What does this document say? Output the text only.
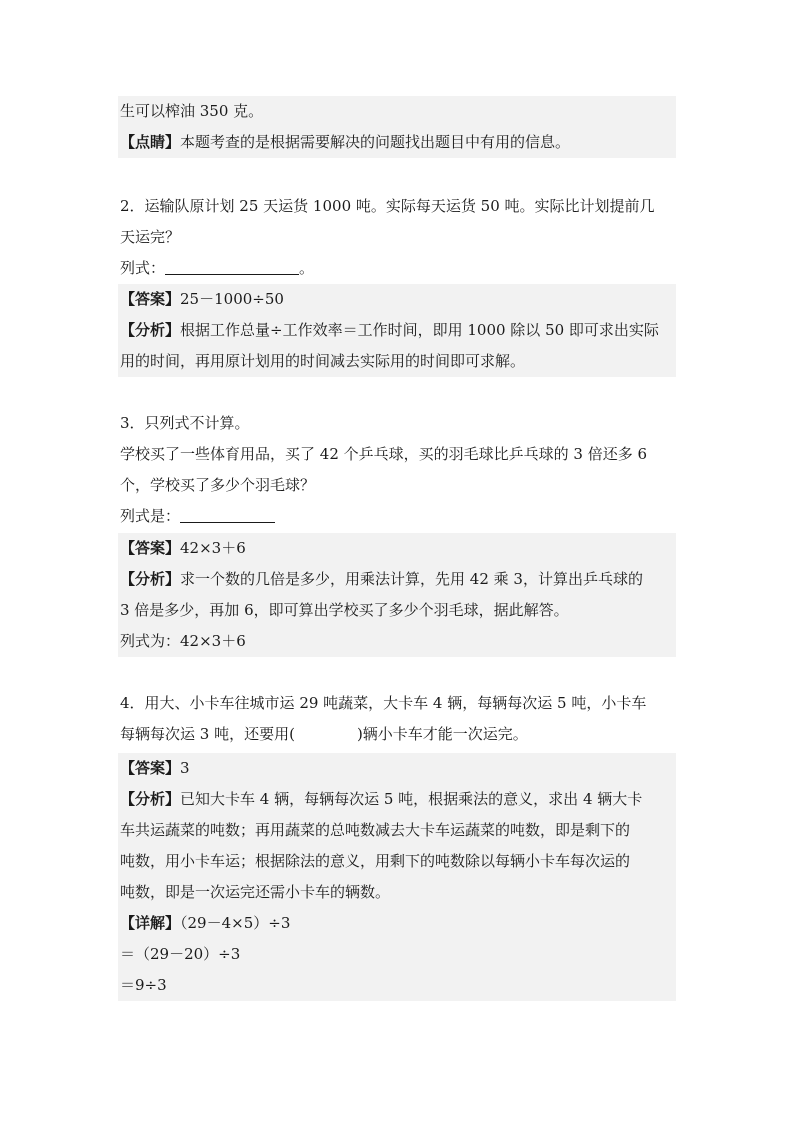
生可以榨油 350 克。
【点睛】本题考查的是根据需要解决的问题找出题目中有用的信息。
2．运输队原计划 25 天运货 1000 吨。实际每天运货 50 吨。实际比计划提前几
天运完？
列式：	。
【答案】25－1000÷50
【分析】根据工作总量÷工作效率＝工作时间，即用 1000 除以 50 即可求出实际
用的时间，再用原计划用的时间减去实际用的时间即可求解。
3．只列式不计算。
学校买了一些体育用品，买了 42 个乒乓球，买的羽毛球比乒乓球的 3 倍还多 6
个，学校买了多少个羽毛球？
列式是：
【答案】42×3＋6
【分析】求一个数的几倍是多少，用乘法计算，先用 42 乘 3，计算出乒乓球的
3 倍是多少，再加 6，即可算出学校买了多少个羽毛球，据此解答。
列式为：42×3＋6
4．用大、小卡车往城市运 29 吨蔬菜，大卡车 4 辆，每辆每次运 5 吨，小卡车
每辆每次运 3 吨，还要用(	)辆小卡车才能一次运完。
【答案】3
【分析】已知大卡车 4 辆，每辆每次运 5 吨，根据乘法的意义，求出 4 辆大卡
车共运蔬菜的吨数；再用蔬菜的总吨数减去大卡车运蔬菜的吨数，即是剩下的
吨数，用小卡车运；根据除法的意义，用剩下的吨数除以每辆小卡车每次运的
吨数，即是一次运完还需小卡车的辆数。
【详解】（29－4×5）÷3
＝（29－20）÷3
＝9÷3
